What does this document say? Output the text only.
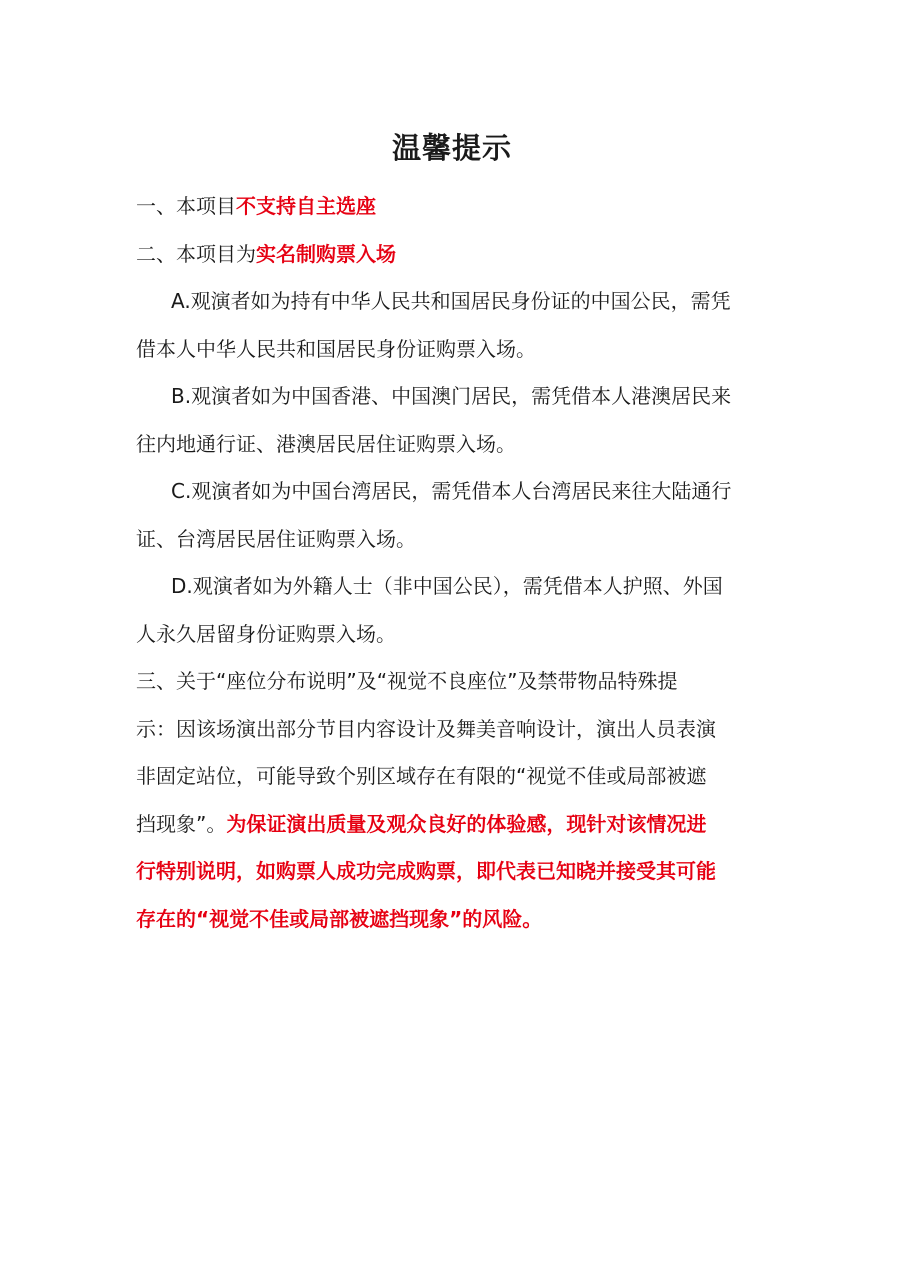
温馨提示
一、本项目不支持自主选座
二、本项目为实名制购票入场
A.观演者如为持有中华人民共和国居民身份证的中国公民，需凭
借本人中华人民共和国居民身份证购票入场。
B.观演者如为中国香港、中国澳门居民，需凭借本人港澳居民来
往内地通行证、港澳居民居住证购票入场。
C.观演者如为中国台湾居民，需凭借本人台湾居民来往大陆通行
证、台湾居民居住证购票入场。
D.观演者如为外籍人士（非中国公民），需凭借本人护照、外国
人永久居留身份证购票入场。
三、关于“座位分布说明”及“视觉不良座位”及禁带物品特殊提
示：因该场演出部分节目内容设计及舞美音响设计，演出人员表演
非固定站位，可能导致个别区域存在有限的“视觉不佳或局部被遮
挡现象”。为保证演出质量及观众良好的体验感，现针对该情况进
行特别说明，如购票人成功完成购票，即代表已知晓并接受其可能
存在的“视觉不佳或局部被遮挡现象”的风险。
